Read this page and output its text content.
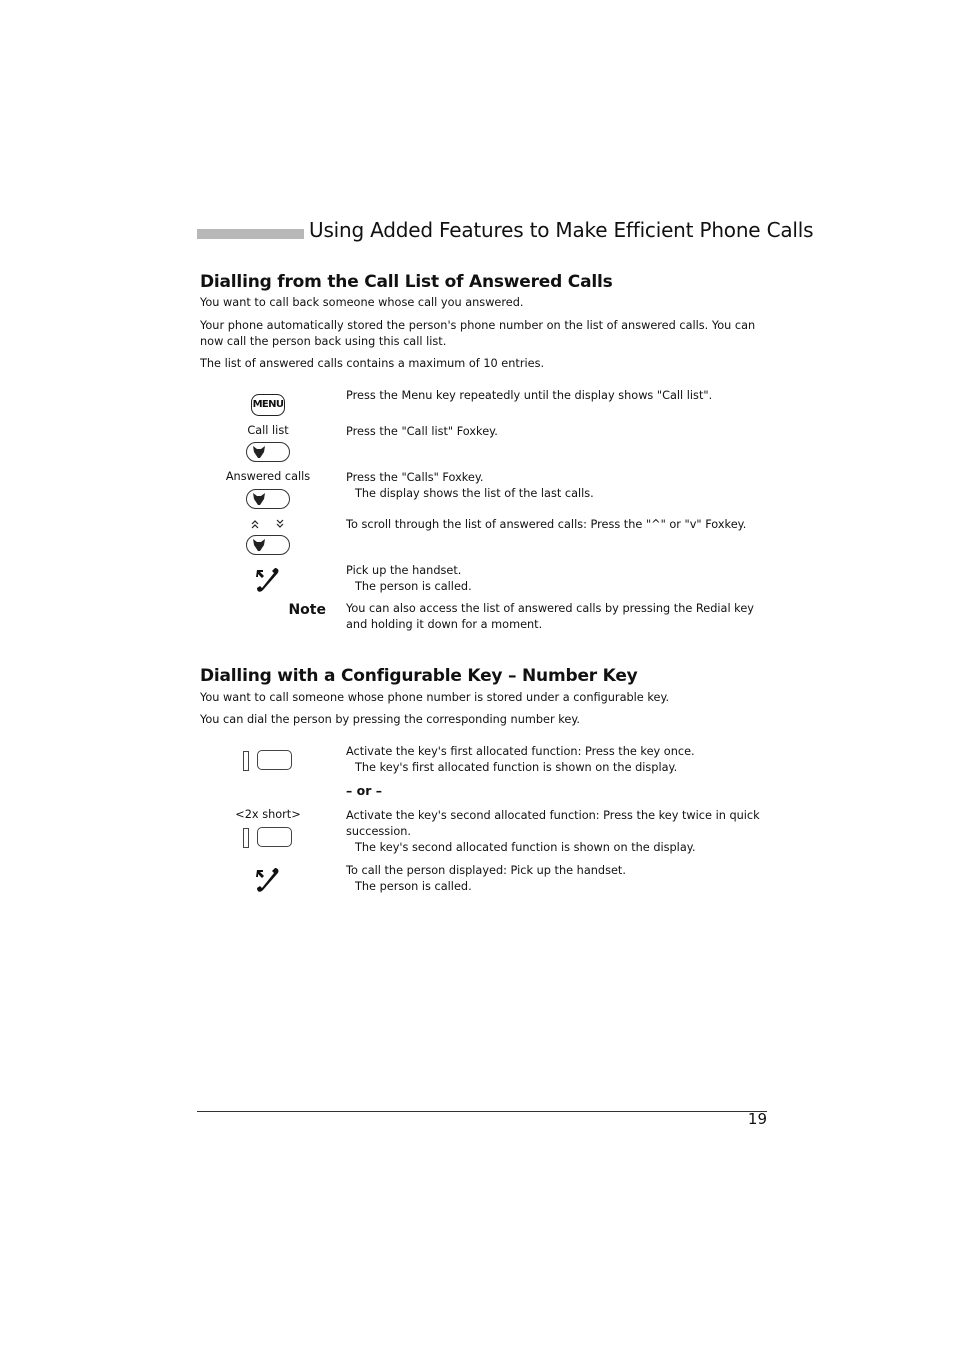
Using Added Features to Make Efficient Phone Calls
Dialling from the Call List of Answered Calls
You want to call back someone whose call you answered.
Your phone automatically stored the person's phone number on the list of answered calls. You can now call the person back using this call list.
The list of answered calls contains a maximum of 10 entries.
MENU
Press the Menu key repeatedly until the display shows "Call list".
Call list	Press the "Call list" Foxkey.
Answered calls	Press the "Calls" Foxkey.
The display shows the list of the last calls.
To scroll through the list of answered calls: Press the "^" or "v" Foxkey.
Pick up the handset.
The person is called.
Note You can also access the list of answered calls by pressing the Redial key and holding it down for a moment.
Dialling with a Configurable Key – Number Key
You want to call someone whose phone number is stored under a configurable key.
You can dial the person by pressing the corresponding number key.
Activate the key's first allocated function: Press the key once.
The key's first allocated function is shown on the display.
– or –
<2x short>	Activate the key's second allocated function: Press the key twice in quick succession.
The key's second allocated function is shown on the display.
To call the person displayed: Pick up the handset.
The person is called.
19
